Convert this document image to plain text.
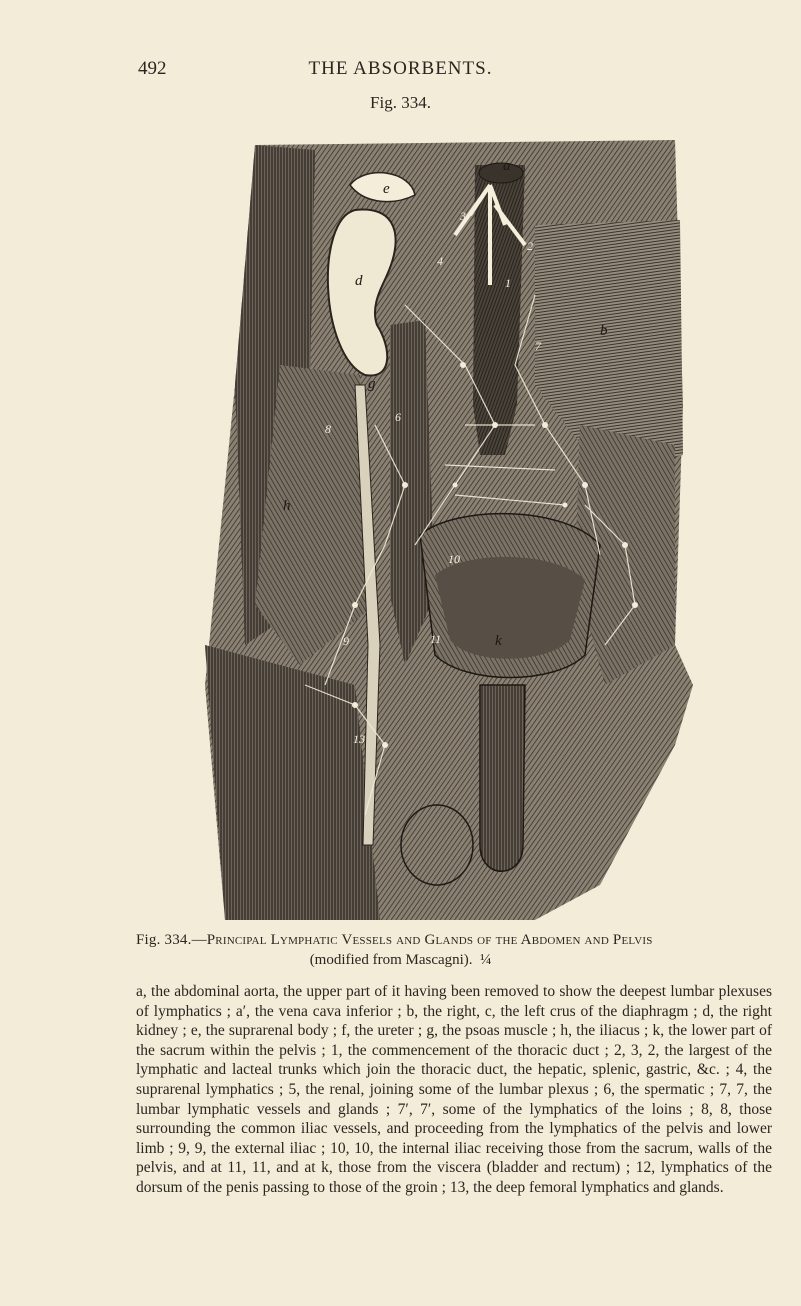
492	THE ABSORBENTS.
Fig. 334.
e
d
a
g
h
k
b
1
2
3
4
6
7
8
9
10
11
13
Fig. 334.—Principal Lymphatic Vessels and Glands of the Abdomen and Pelvis
(modified from Mascagni). ¼
a, the abdominal aorta, the upper part of it having been removed to show the deepest lumbar plexuses of lymphatics ; a′, the vena cava inferior ; b, the right, c, the left crus of the diaphragm ; d, the right kidney ; e, the suprarenal body ; f, the ureter ; g, the psoas muscle ; h, the iliacus ; k, the lower part of the sacrum within the pelvis ; 1, the commencement of the thoracic duct ; 2, 3, 2, the largest of the lymphatic and lacteal trunks which join the thoracic duct, the hepatic, splenic, gastric, &c. ; 4, the suprarenal lymphatics ; 5, the renal, joining some of the lumbar plexus ; 6, the spermatic ; 7, 7, the lumbar lymphatic vessels and glands ; 7′, 7′, some of the lymphatics of the loins ; 8, 8, those surrounding the common iliac vessels, and proceeding from the lymphatics of the pelvis and lower limb ; 9, 9, the external iliac ; 10, 10, the internal iliac receiving those from the sacrum, walls of the pelvis, and at 11, 11, and at k, those from the viscera (bladder and rectum) ; 12, lymphatics of the dorsum of the penis passing to those of the groin ; 13, the deep femoral lymphatics and glands.
